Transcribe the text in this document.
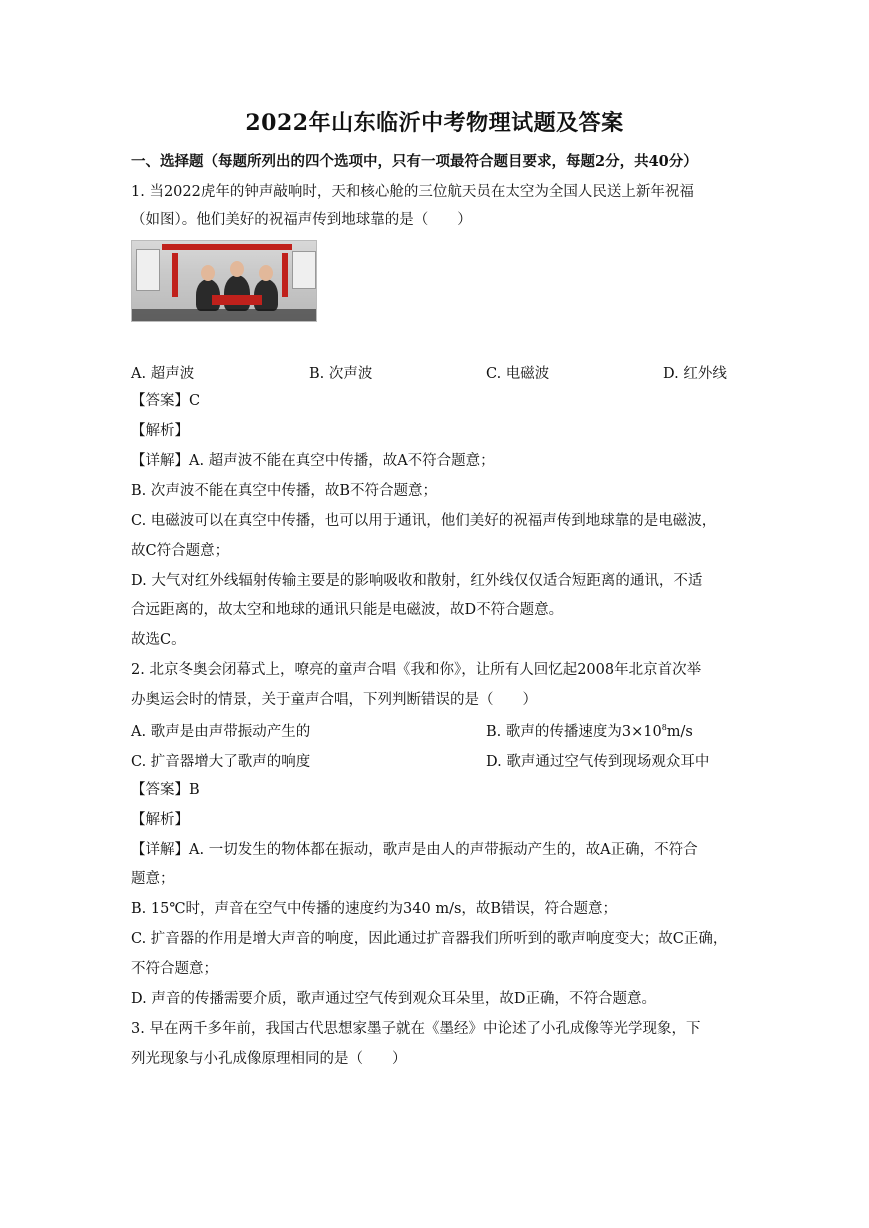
2022年山东临沂中考物理试题及答案
一、选择题（每题所列出的四个选项中，只有一项最符合题目要求，每题2分，共40分）
1. 当2022虎年的钟声敲响时，天和核心舱的三位航天员在太空为全国人民送上新年祝福
（如图）。他们美好的祝福声传到地球靠的是（　　）
A. 超声波	B. 次声波	C. 电磁波	D. 红外线
【答案】C
【解析】
【详解】A. 超声波不能在真空中传播，故A不符合题意；
B. 次声波不能在真空中传播，故B不符合题意；
C. 电磁波可以在真空中传播，也可以用于通讯，他们美好的祝福声传到地球靠的是电磁波，
故C符合题意；
D. 大气对红外线辐射传输主要是的影响吸收和散射，红外线仅仅适合短距离的通讯，不适
合远距离的，故太空和地球的通讯只能是电磁波，故D不符合题意。
故选C。
2. 北京冬奥会闭幕式上，嘹亮的童声合唱《我和你》，让所有人回忆起2008年北京首次举
办奥运会时的情景，关于童声合唱，下列判断错误的是（　　）
A. 歌声是由声带振动产生的	B. 歌声的传播速度为$3\times 10^8m/s$
C. 扩音器增大了歌声的响度	D. 歌声通过空气传到现场观众耳中
【答案】B
【解析】
【详解】A. 一切发生的物体都在振动，歌声是由人的声带振动产生的，故A正确，不符合
题意；
B. 15℃时，声音在空气中传播的速度约为340 m/s，故B错误，符合题意；
C. 扩音器的作用是增大声音的响度，因此通过扩音器我们所听到的歌声响度变大；故C正确，
不符合题意；
D. 声音的传播需要介质，歌声通过空气传到观众耳朵里，故D正确，不符合题意。
3. 早在两千多年前，我国古代思想家墨子就在《墨经》中论述了小孔成像等光学现象，下
列光现象与小孔成像原理相同的是（　　）
